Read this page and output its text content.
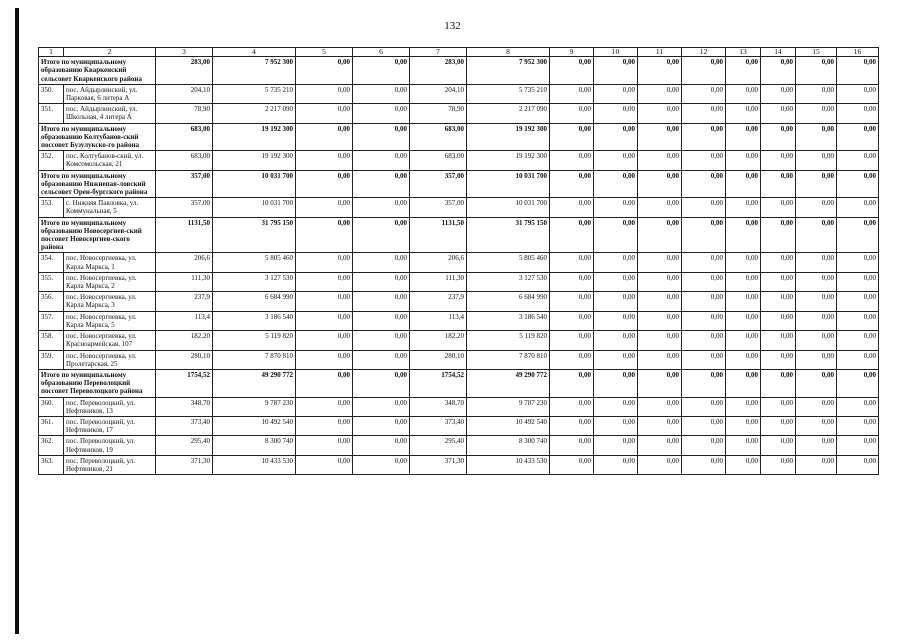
132
1	2	3	4	5	6	7	8	9	10	11	12	13	14	15	16
Итого по муниципальному образованию Кваркенский сельсовет Кваркенского района		283,00	7 952 300	0,00	0,00	283,00	7 952 300	0,00	0,00	0,00	0,00	0,00	0,00	0,00	0,00
350.	пос. Айдырлинский, ул. Парковая, 6 литера А	204,10	5 735 210	0,00	0,00	204,10	5 735 210	0,00	0,00	0,00	0,00	0,00	0,00	0,00	0,00
351.	пос. Айдырлинский, ул. Школьная, 4 литера А	78,90	2 217 090	0,00	0,00	78,90	2 217 090	0,00	0,00	0,00	0,00	0,00	0,00	0,00	0,00
Итого по муниципальному образованию Колтубанов-ский поссовет Бузулукско-го района		683,00	19 192 300	0,00	0,00	683,00	19 192 300	0,00	0,00	0,00	0,00	0,00	0,00	0,00	0,00
352.	пос. Колтубанов-ский, ул. Комсомольская, 21	683,00	19 192 300	0,00	0,00	683,00	19 192 300	0,00	0,00	0,00	0,00	0,00	0,00	0,00	0,00
Итого по муниципальному образованию Нижнепав-ловский сельсовет Орен-бургского района		357,00	10 031 700	0,00	0,00	357,00	10 031 700	0,00	0,00	0,00	0,00	0,00	0,00	0,00	0,00
353.	с. Нижняя Павловка, ул. Коммунальная, 5	357,00	10 031 700	0,00	0,00	357,00	10 031 700	0,00	0,00	0,00	0,00	0,00	0,00	0,00	0,00
Итого по муниципальному образованию Новосергиев-ский поссовет Новосергиев-ского района		1131,50	31 795 150	0,00	0,00	1131,50	31 795 150	0,00	0,00	0,00	0,00	0,00	0,00	0,00	0,00
354.	пос. Новосергиевка, ул. Карла Маркса, 1	206,6	5 805 460	0,00	0,00	206,6	5 805 460	0,00	0,00	0,00	0,00	0,00	0,00	0,00	0,00
355.	пос. Новосергиевка, ул. Карла Маркса, 2	111,30	3 127 530	0,00	0,00	111,30	3 127 530	0,00	0,00	0,00	0,00	0,00	0,00	0,00	0,00
356.	пос. Новосергиевка, ул. Карла Маркса, 3	237,9	6 684 990	0,00	0,00	237,9	6 684 990	0,00	0,00	0,00	0,00	0,00	0,00	0,00	0,00
357.	пос. Новосергиевка, ул. Карла Маркса, 5	113,4	3 186 540	0,00	0,00	113,4	3 186 540	0,00	0,00	0,00	0,00	0,00	0,00	0,00	0,00
358.	пос. Новосергиевка, ул. Красноармейская, 107	182,20	5 119 820	0,00	0,00	182,20	5 119 820	0,00	0,00	0,00	0,00	0,00	0,00	0,00	0,00
359.	пос. Новосергиевка, ул. Пролетарская, 25	280,10	7 870 810	0,00	0,00	280,10	7 870 810	0,00	0,00	0,00	0,00	0,00	0,00	0,00	0,00
Итого по муниципальному образованию Переволоцкий поссовет Переволоцкого района		1754,52	49 290 772	0,00	0,00	1754,52	49 290 772	0,00	0,00	0,00	0,00	0,00	0,00	0,00	0,00
360.	пос. Переволоцкий, ул. Нефтяников, 13	348,70	9 787 230	0,00	0,00	348,70	9 787 230	0,00	0,00	0,00	0,00	0,00	0,00	0,00	0,00
361.	пос. Переволоцкий, ул. Нефтяников, 17	373,40	10 492 540	0,00	0,00	373,40	10 492 540	0,00	0,00	0,00	0,00	0,00	0,00	0,00	0,00
362.	пос. Переволоцкий, ул. Нефтяников, 19	295,40	8 300 740	0,00	0,00	295,40	8 300 740	0,00	0,00	0,00	0,00	0,00	0,00	0,00	0,00
363.	пос. Переволоцкий, ул. Нефтяников, 21	371,30	10 433 530	0,00	0,00	371,30	10 433 530	0,00	0,00	0,00	0,00	0,00	0,00	0,00	0,00
